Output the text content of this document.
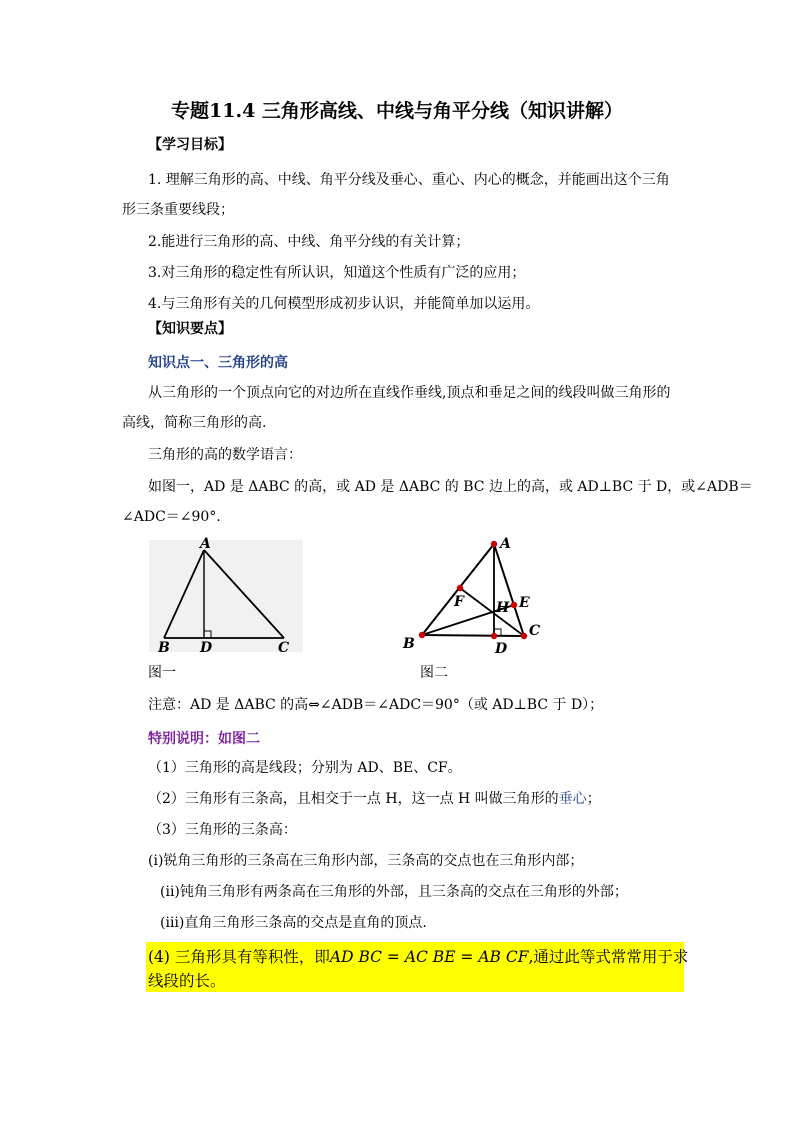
专题11.4 三角形高线、中线与角平分线（知识讲解）
【学习目标】
1. 理解三角形的高、中线、角平分线及垂心、重心、内心的概念，并能画出这个三角
形三条重要线段；
2.能进行三角形的高、中线、角平分线的有关计算；
3.对三角形的稳定性有所认识，知道这个性质有广泛的应用；
4.与三角形有关的几何模型形成初步认识，并能简单加以运用。
【知识要点】
知识点一、三角形的高
从三角形的一个顶点向它的对边所在直线作垂线,顶点和垂足之间的线段叫做三角形的
高线，简称三角形的高.
三角形的高的数学语言：
如图一，AD 是 ΔABC 的高，或 AD 是 ΔABC 的 BC 边上的高，或 AD⊥BC 于 D，或∠ADB＝
∠ADC＝∠90°.
A
B D	C
图一
A
B
C
D
E
F H
图二
注意：AD 是 ΔABC 的高⇔∠ADB＝∠ADC＝90°（或 AD⊥BC 于 D）；
特别说明：如图二
（1）三角形的高是线段；分别为 AD、BE、CF。
（2）三角形有三条高，且相交于一点 H，这一点 H 叫做三角形的垂心；
（3）三角形的三条高：
(ⅰ)锐角三角形的三条高在三角形内部，三条高的交点也在三角形内部；
(ⅱ)钝角三角形有两条高在三角形的外部，且三条高的交点在三角形的外部；
(ⅲ)直角三角形三条高的交点是直角的顶点.
(4) 三角形具有等积性，即AD BC = AC BE = AB CF,通过此等式常常用于求
线段的长。
